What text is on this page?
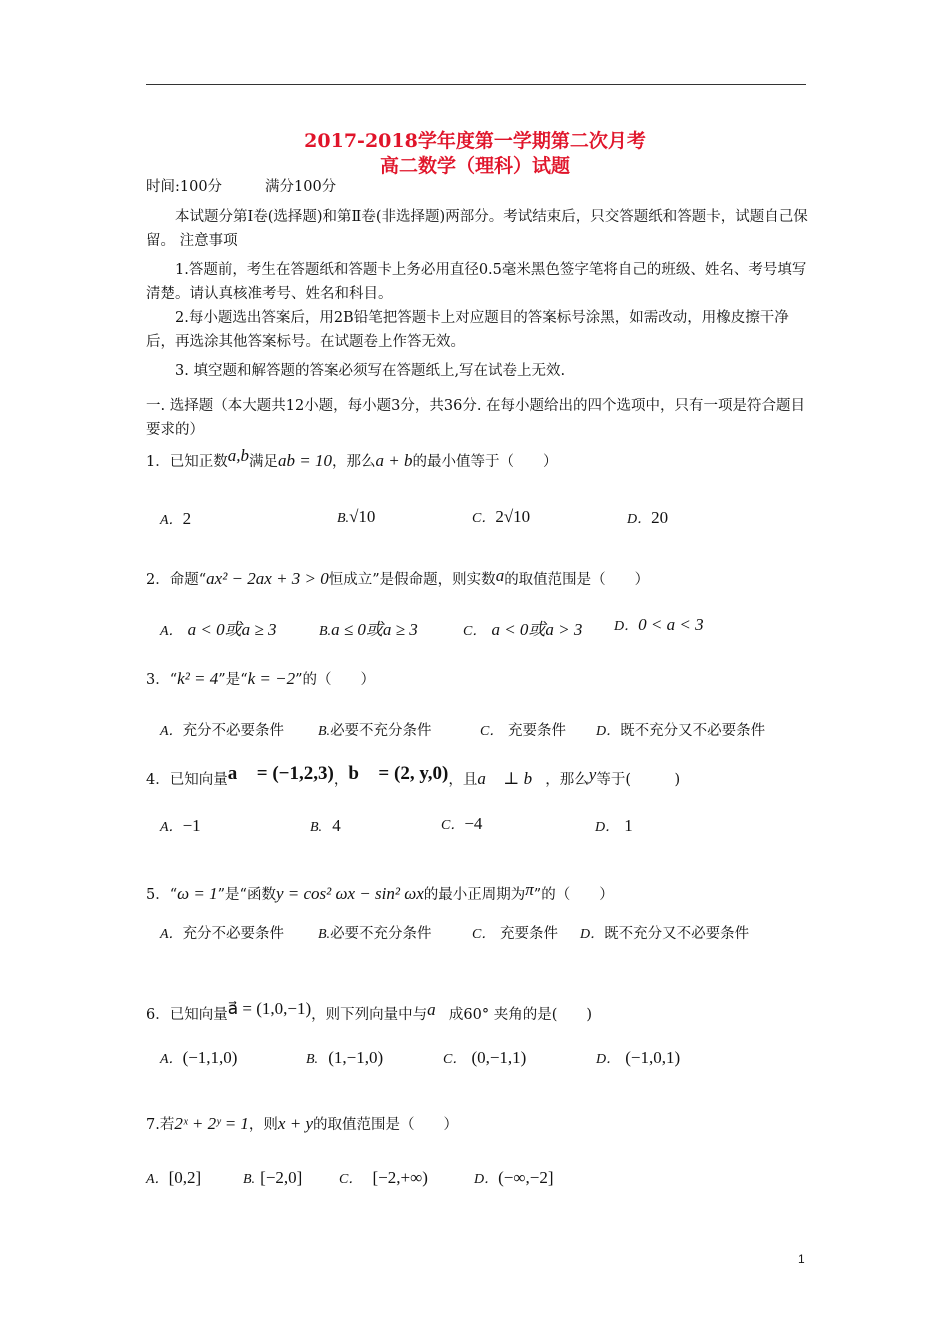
2017-2018学年度第一学期第二次月考
高二数学（理科）试题
时间:100分	满分100分
本试题分第Ⅰ卷(选择题)和第Ⅱ卷(非选择题)两部分。考试结束后，只交答题纸和答题卡，试题自己保留。 注意事项
1.答题前，考生在答题纸和答题卡上务必用直径0.5毫米黑色签字笔将自己的班级、姓名、考号填写清楚。请认真核准考号、姓名和科目。
2.每小题选出答案后，用2B铅笔把答题卡上对应题目的答案标号涂黑，如需改动，用橡皮擦干净后，再选涂其他答案标号。在试题卷上作答无效。
3. 填空题和解答题的答案必须写在答题纸上,写在试卷上无效.
一. 选择题（本大题共12小题，每小题3分，共36分. 在每小题给出的四个选项中，只有一项是符合题目要求的）
1．已知正数a,b满足ab = 10，那么a + b的最小值等于（　　）
A．2	B.√10	C．2√10	D．20
2．命题“ax² − 2ax + 3 > 0恒成立”是假命题，则实数a的取值范围是（　　）
A． a < 0或a ≥ 3	B.a ≤ 0或a ≥ 3	C． a < 0或a > 3 D．0 < a < 3
3．“k² = 4”是“k = −2”的（　　）
A．充分不必要条件 B.必要不充分条件	C． 充要条件 D．既不充分又不必要条件
4．已知向量a⃗ = (−1,2,3)，b⃗ = (2, y,0)，且a⃗ ⊥ b⃗，那么y等于(　　　)
A．−1	B. 4	C．−4	D． 1
5．“ω = 1”是“函数y = cos² ωx − sin² ωx的最小正周期为π”的（　　）
A．充分不必要条件 B.必要不充分条件	C． 充要条件 D．既不充分又不必要条件
6．已知向量a⃗ = (1,0,−1)，则下列向量中与a⃗成60° 夹角的是(　　)
A．(−1,1,0)	B. (1,−1,0)	C． (0,−1,1)	D． (−1,0,1)
7.若2ˣ + 2ʸ = 1，则x + y的取值范围是（　　）
A．[0,2]	B. [−2,0]	C． [−2,+∞)	D．(−∞,−2]
1
